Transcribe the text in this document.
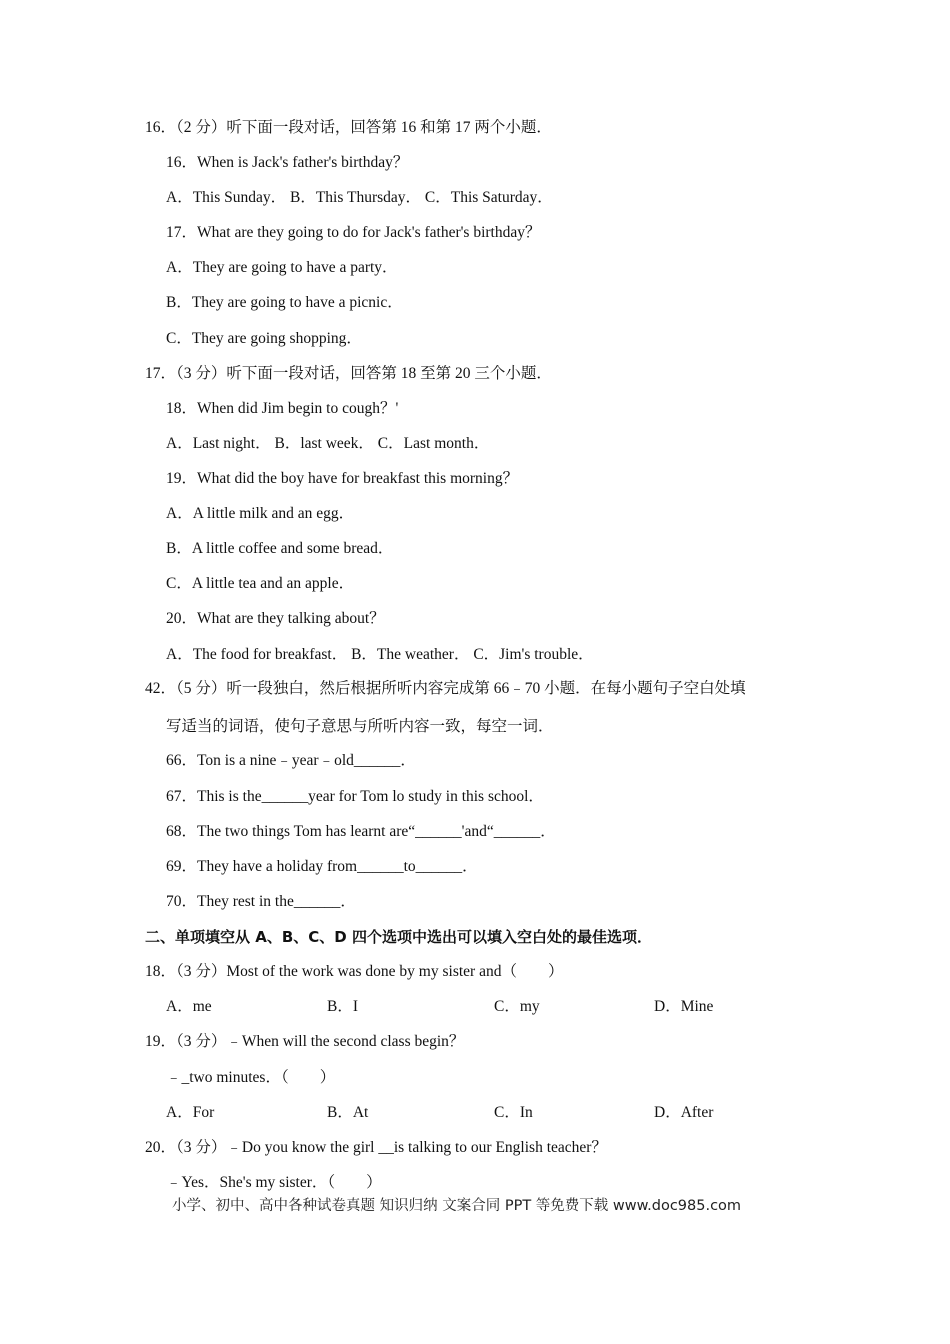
16．（2 分）听下面一段对话，回答第 16 和第 17 两个小题．
16．When is Jack's father's birthday？
A．This Sunday． B．This Thursday． C．This Saturday．
17．What are they going to do for Jack's father's birthday？
A．They are going to have a party．
B．They are going to have a picnic．
C．They are going shopping．
17．（3 分）听下面一段对话，回答第 18 至第 20 三个小题．
18．When did Jim begin to cough？'
A．Last night． B．last week． C．Last month．
19．What did the boy have for breakfast this morning？
A．A little milk and an egg．
B．A little coffee and some bread．
C．A little tea and an apple．
20．What are they talking about？
A．The food for breakfast． B．The weather． C．Jim's trouble．
42．（5 分）听一段独白，然后根据所听内容完成第 66﹣70 小题．在每小题句子空白处填
写适当的词语，使句子意思与所听内容一致，每空一词．
66．Ton is a nine﹣year﹣old______．
67．This is the______year for Tom lo study in this school．
68．The two things Tom has learnt are“______'and“______．
69．They have a holiday from______to______．
70．They rest in the______．
二、单项填空从 A、B、C、D 四个选项中选出可以填入空白处的最佳选项．
18．（3 分）Most of the work was done by my sister and（　　）
A．me	B．I	C．my	D．Mine
19．（3 分）﹣When will the second class begin？
﹣_two minutes．（　　）
A．For	B．At	C．In	D．After
20．（3 分）﹣Do you know the girl __is talking to our English teacher？
﹣Yes．She's my sister．（　　）
小学、初中、高中各种试卷真题 知识归纳 文案合同 PPT 等免费下载 www.doc985.com
